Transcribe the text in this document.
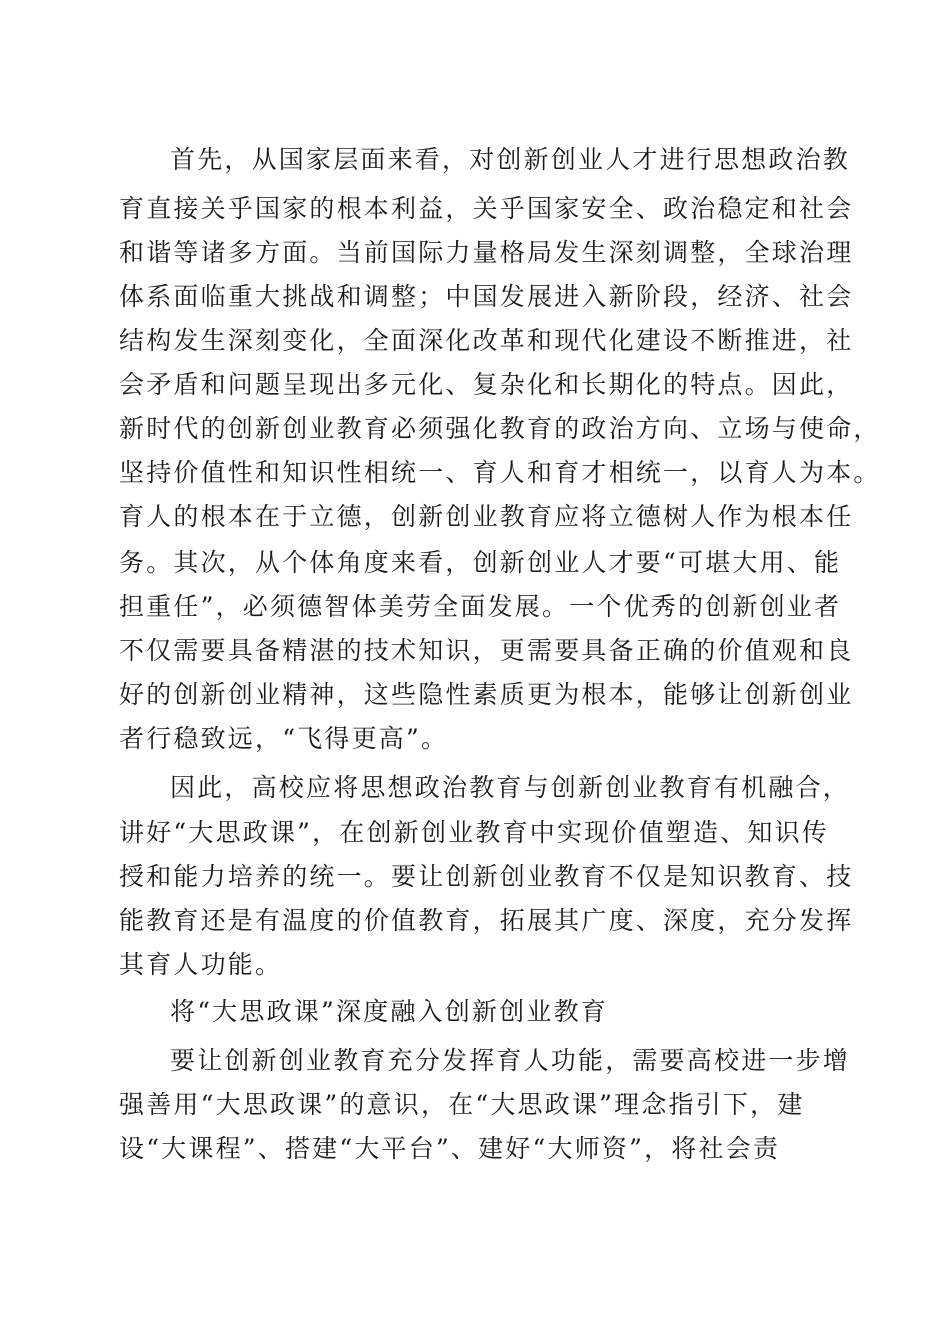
首先，从国家层面来看，对创新创业人才进行思想政治教
育直接关乎国家的根本利益，关乎国家安全、政治稳定和社会
和谐等诸多方面。当前国际力量格局发生深刻调整，全球治理
体系面临重大挑战和调整；中国发展进入新阶段，经济、社会
结构发生深刻变化，全面深化改革和现代化建设不断推进，社
会矛盾和问题呈现出多元化、复杂化和长期化的特点。因此，
新时代的创新创业教育必须强化教育的政治方向、立场与使命，
坚持价值性和知识性相统一、育人和育才相统一，以育人为本。
育人的根本在于立德，创新创业教育应将立德树人作为根本任
务。其次，从个体角度来看，创新创业人才要“可堪大用、能
担重任”，必须德智体美劳全面发展。一个优秀的创新创业者
不仅需要具备精湛的技术知识，更需要具备正确的价值观和良
好的创新创业精神，这些隐性素质更为根本，能够让创新创业
者行稳致远，“飞得更高”。
因此，高校应将思想政治教育与创新创业教育有机融合，
讲好“大思政课”，在创新创业教育中实现价值塑造、知识传
授和能力培养的统一。要让创新创业教育不仅是知识教育、技
能教育还是有温度的价值教育，拓展其广度、深度，充分发挥
其育人功能。
将“大思政课”深度融入创新创业教育
要让创新创业教育充分发挥育人功能，需要高校进一步增
强善用“大思政课”的意识，在“大思政课”理念指引下，建
设“大课程”、搭建“大平台”、建好“大师资”，将社会责
